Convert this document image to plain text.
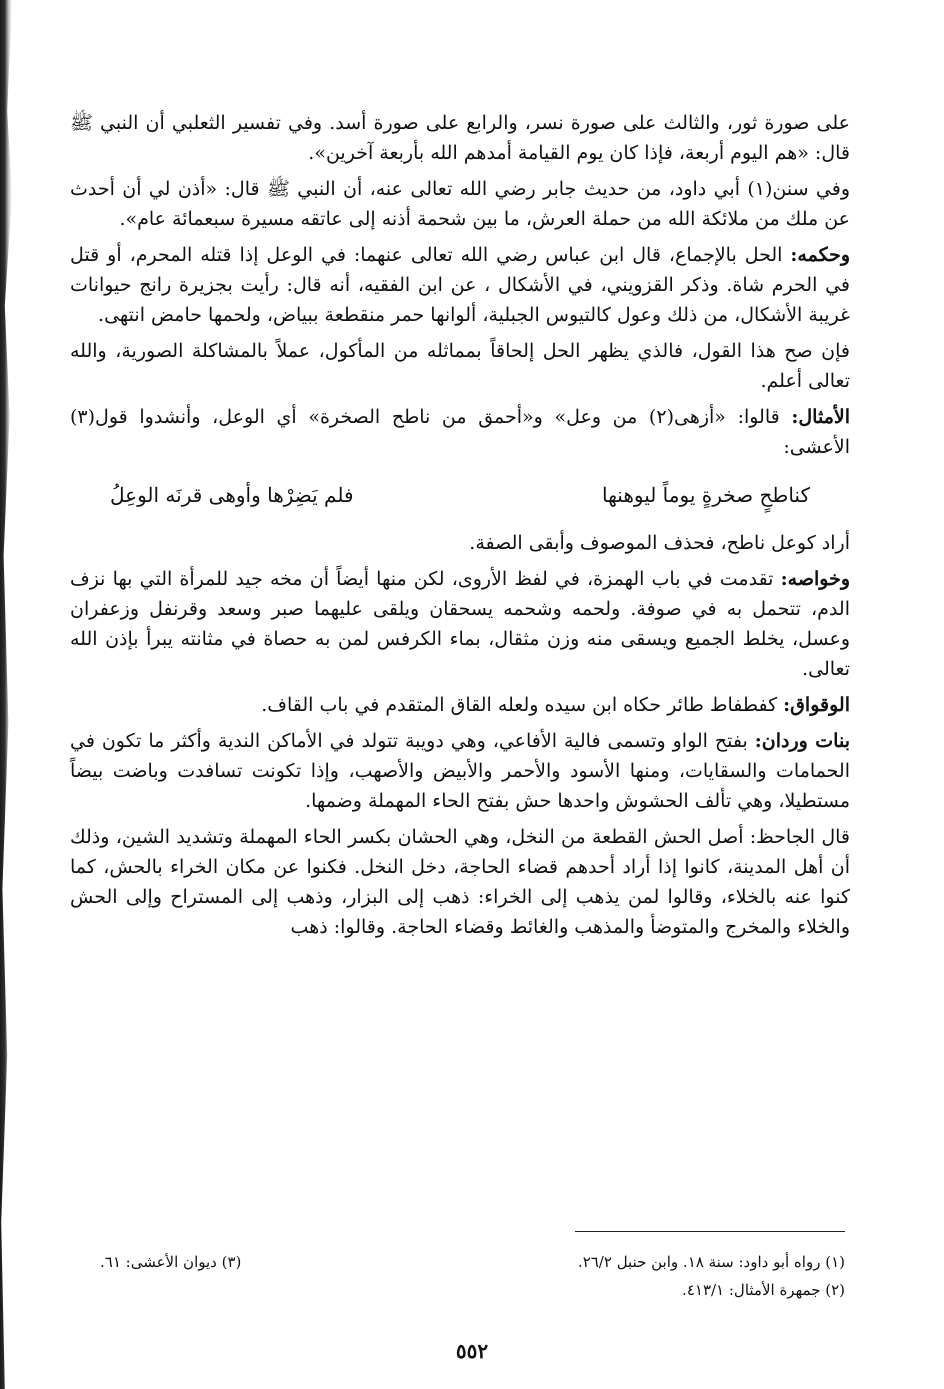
على صورة ثور، والثالث على صورة نسر، والرابع على صورة أسد. وفي تفسير الثعلبي أن النبي ﷺ قال: «هم اليوم أربعة، فإذا كان يوم القيامة أمدهم الله بأربعة آخرين».

وفي سنن(١) أبي داود، من حديث جابر رضي الله تعالى عنه، أن النبي ﷺ قال: «أذن لي أن أحدث عن ملك من ملائكة الله من حملة العرش، ما بين شحمة أذنه إلى عاتقه مسيرة سبعمائة عام».

وحكمه: الحل بالإجماع، قال ابن عباس رضي الله تعالى عنهما: في الوعل إذا قتله المحرم، أو قتل في الحرم شاة. وذكر القزويني، في الأشكال ، عن ابن الفقيه، أنه قال: رأيت بجزيرة رانج حيوانات غريبة الأشكال، من ذلك وعول كالتيوس الجبلية، ألوانها حمر منقطعة ببياض، ولحمها حامض انتهى.

فإن صح هذا القول، فالذي يظهر الحل إلحاقاً بمماثله من المأكول، عملاً بالمشاكلة الصورية، والله تعالى أعلم.

الأمثال: قالوا: «أزهى(٢) من وعل» و«أحمق من ناطح الصخرة» أي الوعل، وأنشدوا قول(٣) الأعشى:

كناطحٍ صخرةٍ يوماً ليوهنها
فلم يَضِرْها وأوهى قرنَه الوعِلُ

أراد كوعل ناطح، فحذف الموصوف وأبقى الصفة.

وخواصه: تقدمت في باب الهمزة، في لفظ الأروى، لكن منها أيضاً أن مخه جيد للمرأة التي بها نزف الدم، تتحمل به في صوفة. ولحمه وشحمه يسحقان ويلقى عليهما صبر وسعد وقرنفل وزعفران وعسل، يخلط الجميع ويسقى منه وزن مثقال، بماء الكرفس لمن به حصاة في مثانته يبرأ بإذن الله تعالى.

الوقواق: كفطفاط طائر حكاه ابن سيده ولعله القاق المتقدم في باب القاف.

بنات وردان: بفتح الواو وتسمى فالية الأفاعي، وهي دويبة تتولد في الأماكن الندية وأكثر ما تكون في الحمامات والسقايات، ومنها الأسود والأحمر والأبيض والأصهب، وإذا تكونت تسافدت وباضت بيضاً مستطيلا، وهي تألف الحشوش واحدها حش بفتح الحاء المهملة وضمها.

قال الجاحظ: أصل الحش القطعة من النخل، وهي الحشان بكسر الحاء المهملة وتشديد الشين، وذلك أن أهل المدينة، كانوا إذا أراد أحدهم قضاء الحاجة، دخل النخل. فكنوا عن مكان الخراء بالحش، كما كنوا عنه بالخلاء، وقالوا لمن يذهب إلى الخراء: ذهب إلى البزار، وذهب إلى المستراح وإلى الحش والخلاء والمخرج والمتوضأ والمذهب والغائط وقضاء الحاجة. وقالوا: ذهب

(١) رواه أبو داود: سنة ١٨. وابن حنبل ٢٦/٢.
(٣) ديوان الأعشى: ٦١.
(٢) جمهرة الأمثال: ٤١٣/١.
٥٥٢
